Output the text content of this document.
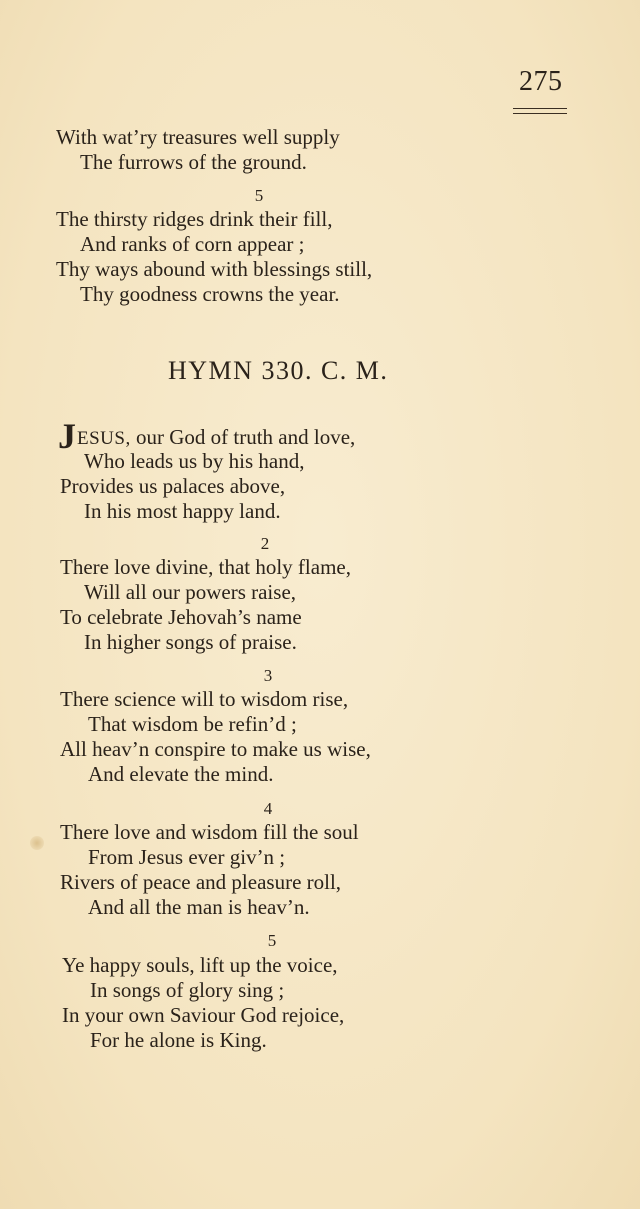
275
With wat’ry treasures well supply
The furrows of the ground.
5
The thirsty ridges drink their fill,
And ranks of corn appear ;
Thy ways abound with blessings still,
Thy goodness crowns the year.
HYMN 330. C. M.
JESUS, our God of truth and love,
Who leads us by his hand,
Provides us palaces above,
In his most happy land.
2
There love divine, that holy flame,
Will all our powers raise,
To celebrate Jehovah’s name
In higher songs of praise.
3
There science will to wisdom rise,
That wisdom be refin’d ;
All heav’n conspire to make us wise,
And elevate the mind.
4
There love and wisdom fill the soul
From Jesus ever giv’n ;
Rivers of peace and pleasure roll,
And all the man is heav’n.
5
Ye happy souls, lift up the voice,
In songs of glory sing ;
In your own Saviour God rejoice,
For he alone is King.
